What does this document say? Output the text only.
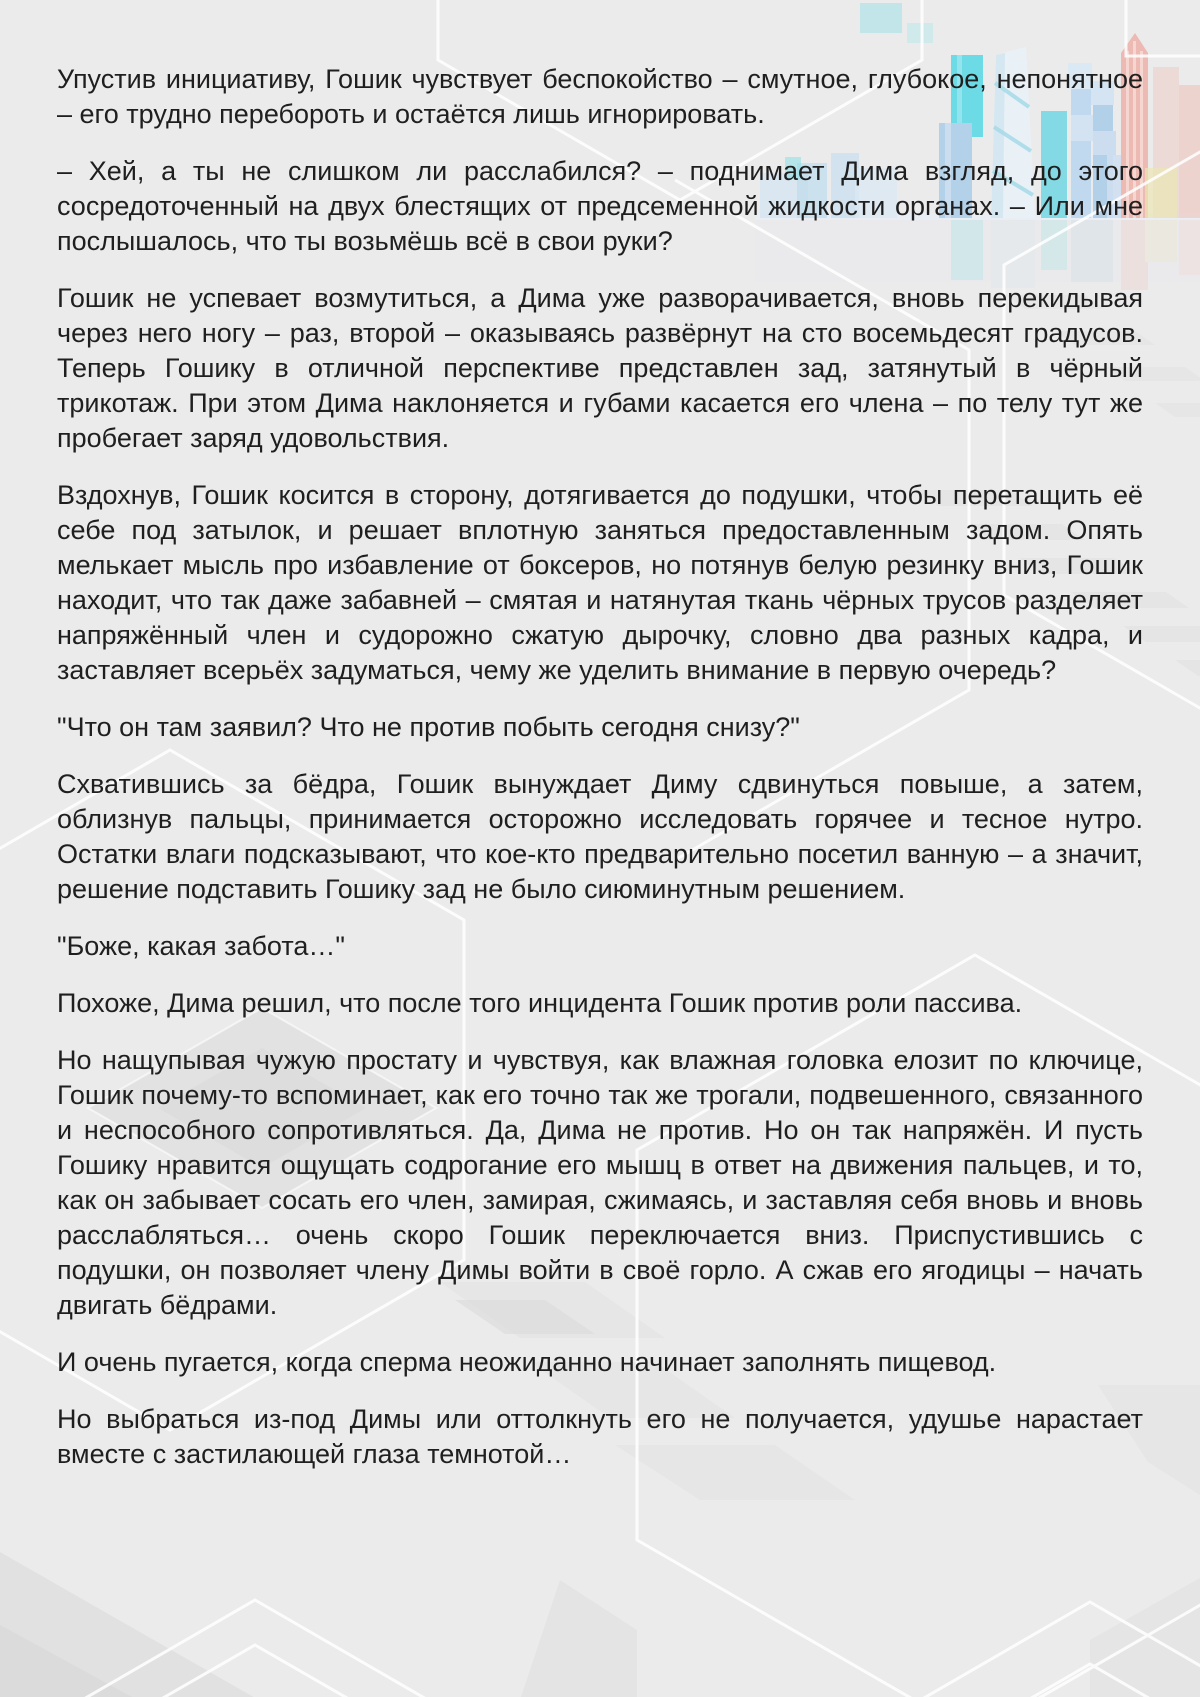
Упустив инициативу, Гошик чувствует беспокойство – смутное, глубокое, непонятное – его трудно перебороть и остаётся лишь игнорировать.

– Хей, а ты не слишком ли расслабился? – поднимает Дима взгляд, до этого сосредоточенный на двух блестящих от предсеменной жидкости органах. – Или мне послышалось, что ты возьмёшь всё в свои руки?

Гошик не успевает возмутиться, а Дима уже разворачивается, вновь перекидывая через него ногу – раз, второй – оказываясь развёрнут на сто восемьдесят градусов. Теперь Гошику в отличной перспективе представлен зад, затянутый в чёрный трикотаж. При этом Дима наклоняется и губами касается его члена – по телу тут же пробегает заряд удовольствия.

Вздохнув, Гошик косится в сторону, дотягивается до подушки, чтобы перетащить её себе под затылок, и решает вплотную заняться предоставленным задом. Опять мелькает мысль про избавление от боксеров, но потянув белую резинку вниз, Гошик находит, что так даже забавней – смятая и натянутая ткань чёрных трусов разделяет напряжённый член и судорожно сжатую дырочку, словно два разных кадра, и заставляет всерьёх задуматься, чему же уделить внимание в первую очередь?

"Что он там заявил? Что не против побыть сегодня снизу?"

Схватившись за бёдра, Гошик вынуждает Диму сдвинуться повыше, а затем, облизнув пальцы, принимается осторожно исследовать горячее и тесное нутро. Остатки влаги подсказывают, что кое-кто предварительно посетил ванную – а значит, решение подставить Гошику зад не было сиюминутным решением.

"Боже, какая забота…"

Похоже, Дима решил, что после того инцидента Гошик против роли пассива.

Но нащупывая чужую простату и чувствуя, как влажная головка елозит по ключице, Гошик почему-то вспоминает, как его точно так же трогали, подвешенного, связанного и неспособного сопротивляться. Да, Дима не против. Но он так напряжён. И пусть Гошику нравится ощущать содрогание его мышц в ответ на движения пальцев, и то, как он забывает сосать его член, замирая, сжимаясь, и заставляя себя вновь и вновь расслабляться… очень скоро Гошик переключается вниз. Приспустившись с подушки, он позволяет члену Димы войти в своё горло. А сжав его ягодицы – начать двигать бёдрами.

И очень пугается, когда сперма неожиданно начинает заполнять пищевод.

Но выбраться из-под Димы или оттолкнуть его не получается, удушье нарастает вместе с застилающей глаза темнотой…
